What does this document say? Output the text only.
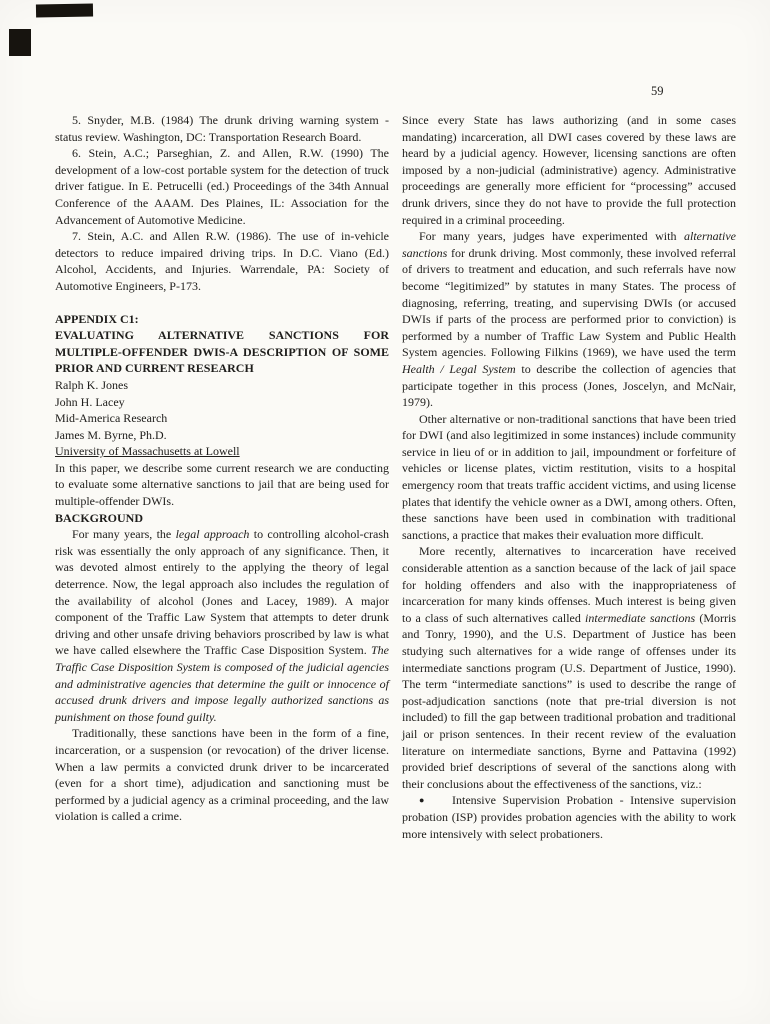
59

5. Snyder, M.B. (1984) The drunk driving warning system - status review. Washington, DC: Transportation Research Board.

6. Stein, A.C.; Parseghian, Z. and Allen, R.W. (1990) The development of a low-cost portable system for the detection of truck driver fatigue. In E. Petrucelli (ed.) Proceedings of the 34th Annual Conference of the AAAM. Des Plaines, IL: Association for the Advancement of Automotive Medicine.

7. Stein, A.C. and Allen R.W. (1986). The use of in-vehicle detectors to reduce impaired driving trips. In D.C. Viano (Ed.) Alcohol, Accidents, and Injuries. Warrendale, PA: Society of Automotive Engineers, P-173.

APPENDIX C1:

EVALUATING ALTERNATIVE SANCTIONS FOR MULTIPLE-OFFENDER DWIS-A DESCRIPTION OF SOME PRIOR AND CURRENT RESEARCH

Ralph K. Jones

John H. Lacey

Mid-America Research

James M. Byrne, Ph.D.

University of Massachusetts at Lowell

In this paper, we describe some current research we are conducting to evaluate some alternative sanctions to jail that are being used for multiple-offender DWIs.

BACKGROUND

For many years, the legal approach to controlling alcohol-crash risk was essentially the only approach of any significance. Then, it was devoted almost entirely to the applying the theory of legal deterrence. Now, the legal approach also includes the regulation of the availability of alcohol (Jones and Lacey, 1989). A major component of the Traffic Law System that attempts to deter drunk driving and other unsafe driving behaviors proscribed by law is what we have called elsewhere the Traffic Case Disposition System. The Traffic Case Disposition System is composed of the judicial agencies and administrative agencies that determine the guilt or innocence of accused drunk drivers and impose legally authorized sanctions as punishment on those found guilty.

Traditionally, these sanctions have been in the form of a fine, incarceration, or a suspension (or revocation) of the driver license. When a law permits a convicted drunk driver to be incarcerated (even for a short time), adjudication and sanctioning must be performed by a judicial agency as a criminal proceeding, and the law violation is called a crime.

Since every State has laws authorizing (and in some cases mandating) incarceration, all DWI cases covered by these laws are heard by a judicial agency. However, licensing sanctions are often imposed by a non-judicial (administrative) agency. Administrative proceedings are generally more efficient for “processing” accused drunk drivers, since they do not have to provide the full protection required in a criminal proceeding.

For many years, judges have experimented with alternative sanctions for drunk driving. Most commonly, these involved referral of drivers to treatment and education, and such referrals have now become “legitimized” by statutes in many States. The process of diagnosing, referring, treating, and supervising DWIs (or accused DWIs if parts of the process are performed prior to conviction) is performed by a number of Traffic Law System and Public Health System agencies. Following Filkins (1969), we have used the term Health / Legal System to describe the collection of agencies that participate together in this process (Jones, Joscelyn, and McNair, 1979).

Other alternative or non-traditional sanctions that have been tried for DWI (and also legitimized in some instances) include community service in lieu of or in addition to jail, impoundment or forfeiture of vehicles or license plates, victim restitution, visits to a hospital emergency room that treats traffic accident victims, and using license plates that identify the vehicle owner as a DWI, among others. Often, these sanctions have been used in combination with traditional sanctions, a practice that makes their evaluation more difficult.

More recently, alternatives to incarceration have received considerable attention as a sanction because of the lack of jail space for holding offenders and also with the inappropriateness of incarceration for many kinds offenses. Much interest is being given to a class of such alternatives called intermediate sanctions (Morris and Tonry, 1990), and the U.S. Department of Justice has been studying such alternatives for a wide range of offenses under its intermediate sanctions program (U.S. Department of Justice, 1990). The term “intermediate sanctions” is used to describe the range of post-adjudication sanctions (note that pre-trial diversion is not included) to fill the gap between traditional probation and traditional jail or prison sentences. In their recent review of the evaluation literature on intermediate sanctions, Byrne and Pattavina (1992) provided brief descriptions of several of the sanctions along with their conclusions about the effectiveness of the sanctions, viz.:

● Intensive Supervision Probation - Intensive supervision probation (ISP) provides probation agencies with the ability to work more intensively with select probationers.
